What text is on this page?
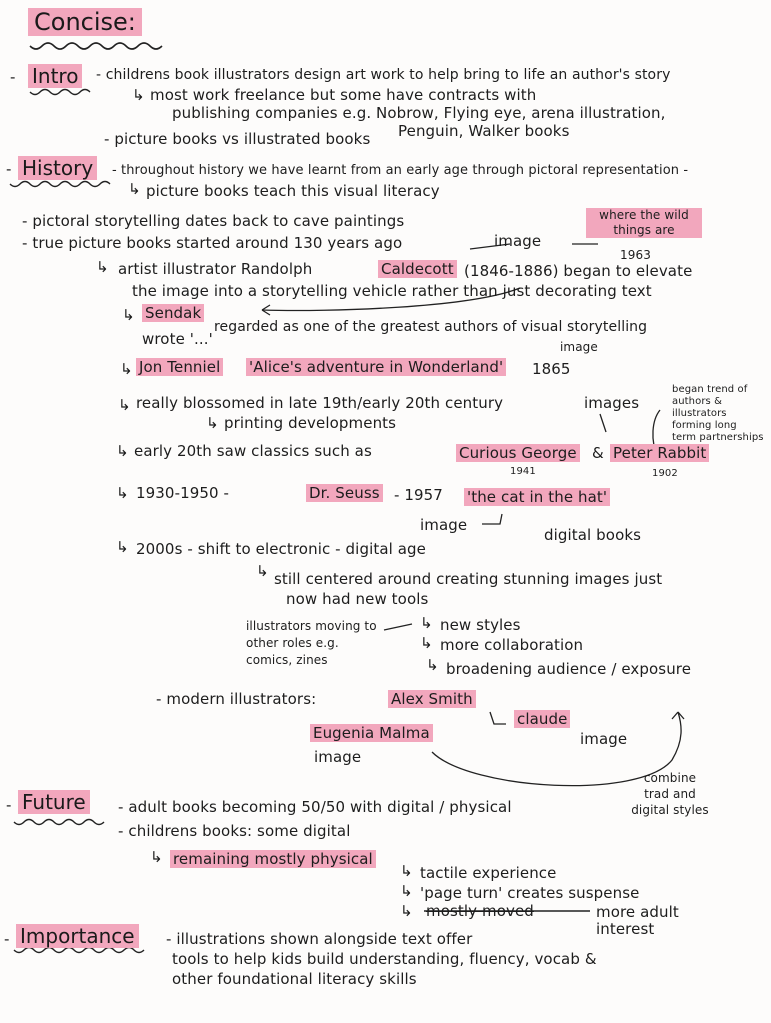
Concise:
Intro
-	- childrens book illustrators design art work to help bring to life an author's story
↳ most work freelance but some have contracts with
publishing companies e.g. Nobrow, Flying eye, arena illustration,
Penguin, Walker books
- picture books vs illustrated books
- History	- throughout history we have learnt from an early age through pictoral representation -
↳ picture books teach this visual literacy
- pictoral storytelling dates back to cave paintings
- true picture books started around 130 years ago	image
where the wild things are
1963
↳ artist illustrator Randolph	Caldecott (1846-1886) began to elevate
the image into a storytelling vehicle rather than just decorating text
↳ Sendak
regarded as one of the greatest authors of visual storytelling
wrote '...'
↳ Jon Tenniel 'Alice's adventure in Wonderland' 1865
image
↳ really blossomed in late 19th/early 20th century
↳ printing developments
images
began trend of authors & illustrators forming long term partnerships
↳ early 20th saw classics such as	Curious George
1941
& Peter Rabbit
1902
↳ 1930-1950 -	Dr. Seuss - 1957 'the cat in the hat'
image
digital books
↳ 2000s - shift to electronic - digital age
↳ still centered around creating stunning images just
now had new tools
illustrators moving to other roles e.g. comics, zines
↳ new styles
↳ more collaboration
↳ broadening audience / exposure
- modern illustrators:	Alex Smith
claude
image
Eugenia Malma
image
combine trad and digital styles
- Future - adult books becoming 50/50 with digital / physical
- childrens books: some digital
↳ remaining mostly physical
↳ tactile experience
↳ 'page turn' creates suspense
↳ mostly moved	more adult interest
- Importance - illustrations shown alongside text offer
tools to help kids build understanding, fluency, vocab &
other foundational literacy skills
